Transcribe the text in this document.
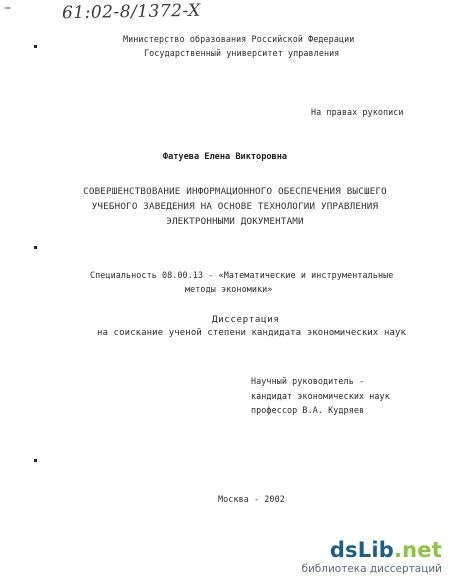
–	61:02-8/1372-X
Министерство образования Российской Федерации
Государственный университет управления
На правах рукописи
Фатуева Елена Викторовна
СОВЕРШЕНСТВОВАНИЕ ИНФОРМАЦИОННОГО ОБЕСПЕЧЕНИЯ ВЫСШЕГО
УЧЕБНОГО ЗАВЕДЕНИЯ НА ОСНОВЕ ТЕХНОЛОГИИ УПРАВЛЕНИЯ
ЭЛЕКТРОННЫМИ ДОКУМЕНТАМИ
Специальность 08.00.13 - «Математические и инструментальные
методы экономики»
Диссертация
на соискание ученой степени кандидата экономических наук
Научный руководитель -
кандидат экономических наук
профессор В.А. Кудряев
Москва - 2002
dsLib.net
библиотека диссертаций
